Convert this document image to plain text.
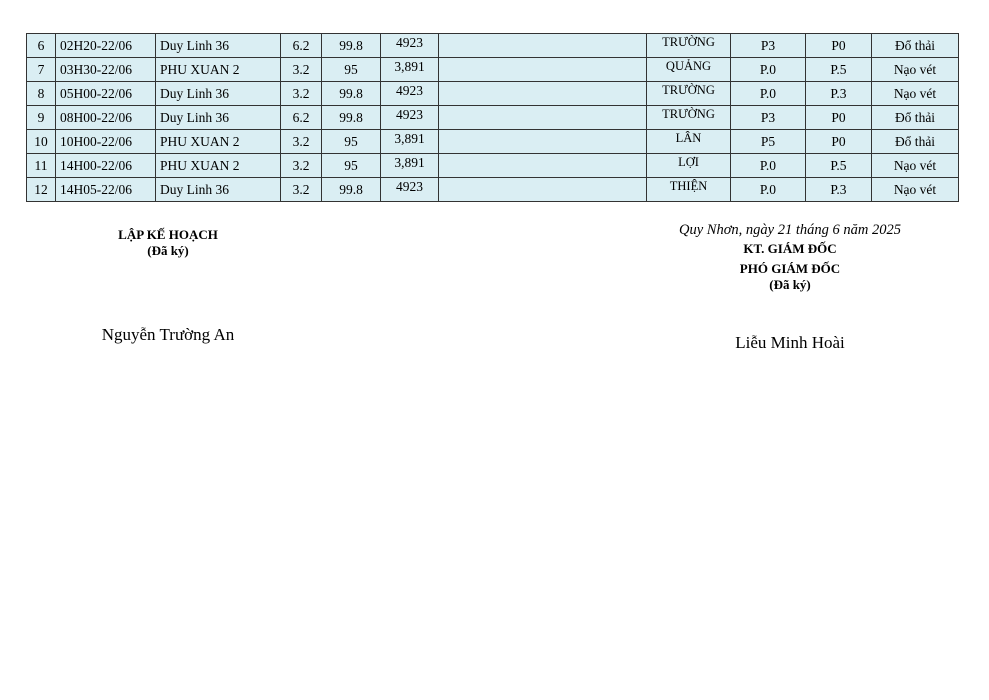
6	02H20-22/06	Duy Linh 36	6.2	99.8	4923		TRƯỜNG	P3	P0	Đổ thải
7	03H30-22/06	PHU XUAN 2	3.2	95	3,891		QUẢNG	P.0	P.5	Nạo vét
8	05H00-22/06	Duy Linh 36	3.2	99.8	4923		TRƯỜNG	P.0	P.3	Nạo vét
9	08H00-22/06	Duy Linh 36	6.2	99.8	4923		TRƯỜNG	P3	P0	Đổ thải
10	10H00-22/06	PHU XUAN 2	3.2	95	3,891		LÂN	P5	P0	Đổ thải
11	14H00-22/06	PHU XUAN 2	3.2	95	3,891		LỢI	P.0	P.5	Nạo vét
12	14H05-22/06	Duy Linh 36	3.2	99.8	4923		THIỆN	P.0	P.3	Nạo vét
LẬP KẾ HOẠCH
(Đã ký)
Nguyễn Trường An
Quy Nhơn, ngày 21 tháng 6 năm 2025
KT. GIÁM ĐỐC
PHÓ GIÁM ĐỐC
(Đã ký)
Liễu Minh Hoài
